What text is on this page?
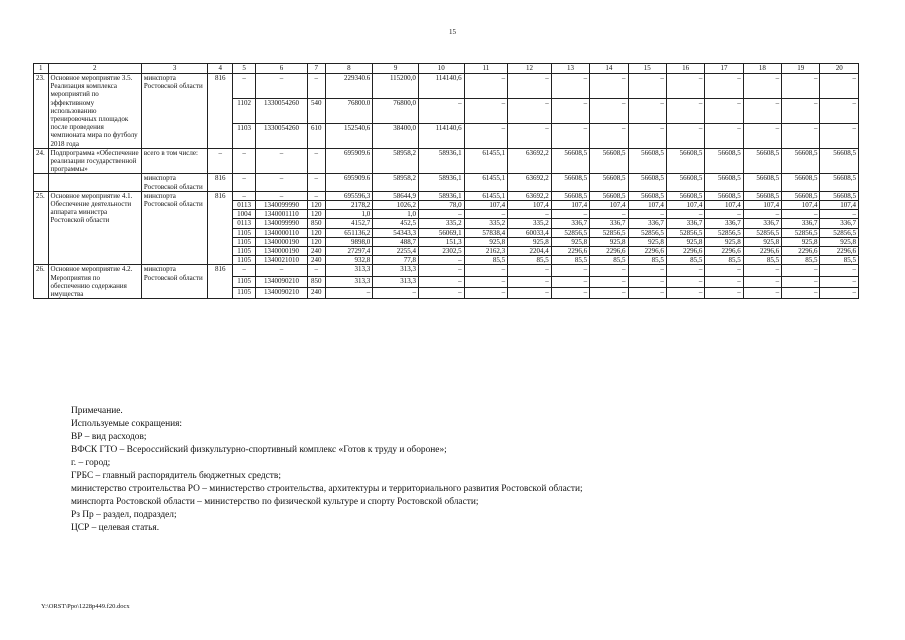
15
1	2	3	4	5	6	7	8	9	10	11	12	13	14	15	16	17	18	19	20
23.	Основное мероприятие 3.5. Реализация комплекса мероприятий по эффективному использованию тренировочных площадок после проведения чемпионата мира по футболу 2018 года	минспорта Ростовской области	816	–	–	–	229340.6	115200,0	114140,6	–	–	–	–	–	–	–	–	–	–
				1102	1330054260	540	76800.0	76800,0	–	–	–	–	–	–	–	–	–	–	–
				1103	1330054260	610	152540,6	38400,0	114140,6	–	–	–	–	–	–	–	–	–	–
24.	Подпрограмма «Обеспечение реализации государственной программы»	всего в том числе:	–	–	–	–	695909.6	58958,2	58936,1	61455,1	63692,2	56608,5	56608,5	56608,5	56608,5	56608,5	56608,5	56608,5	56608,5
		минспорта Ростовской области	816	–	–	–	695909.6	58958,2	58936,1	61455,1	63692,2	56608,5	56608,5	56608,5	56608,5	56608,5	56608,5	56608,5	56608,5
25.	Основное мероприятие 4.1. Обеспечение деятельности аппарата министра Ростовской области	минспорта Ростовской области	816	–	–	–	695596,3	58644,9	58936,1	61455,1	63692,2	56608,5	56608,5	56608,5	56608,5	56608,5	56608,5	56608,5	56608,5
				0113	1340099990	120	2178,2	1026,2	78,0	107,4	107,4	107,4	107,4	107,4	107,4	107,4	107,4	107,4	107,4
				1004	1340001110	120	1,0	1,0	–	–	–	–	–	–	–	–	–	–	–
				0113	1340099990	850	4152,7	452,5	335,2	335,2	335,2	336,7	336,7	336,7	336,7	336,7	336,7	336,7	336,7
				1105	1340000110	120	651136,2	54343,3	56069,1	57838,4	60033,4	52856,5	52856,5	52856,5	52856,5	52856,5	52856,5	52856,5	52856,5
				1105	1340000190	120	9898,0	488,7	151,3	925,8	925,8	925,8	925,8	925,8	925,8	925,8	925,8	925,8	925,8
				1105	1340000190	240	27297,4	2255,4	2302,5	2162,3	2204,4	2296,6	2296,6	2296,6	2296,6	2296,6	2296,6	2296,6	2296,6
				1105	1340021010	240	932,8	77,8	–	85,5	85,5	85,5	85,5	85,5	85,5	85,5	85,5	85,5	85,5
26.	Основное мероприятие 4.2. Мероприятия по обеспечению содержания имущества	минспорта Ростовской области	816	–	–	–	313,3	313,3	–	–	–	–	–	–	–	–	–	–	–
				1105	1340090210	850	313,3	313,3	–	–	–	–	–	–	–	–	–	–	–
				1105	1340090210	240	–	–	–	–	–	–	–	–	–	–	–	–	–
Примечание.
Используемые сокращения:
ВР – вид расходов;
ВФСК ГТО – Всероссийский физкультурно-спортивный комплекс «Готов к труду и обороне»;
г. – город;
ГРБС – главный распорядитель бюджетных средств;
министерство строительства РО – министерство строительства, архитектуры и территориального развития Ростовской области;
минспорта Ростовской области – министерство по физической культуре и спорту Ростовской области;
Рз Пр – раздел, подраздел;
ЦСР – целевая статья.
Y:\ORST\Ppo\1228p449.f20.docx
